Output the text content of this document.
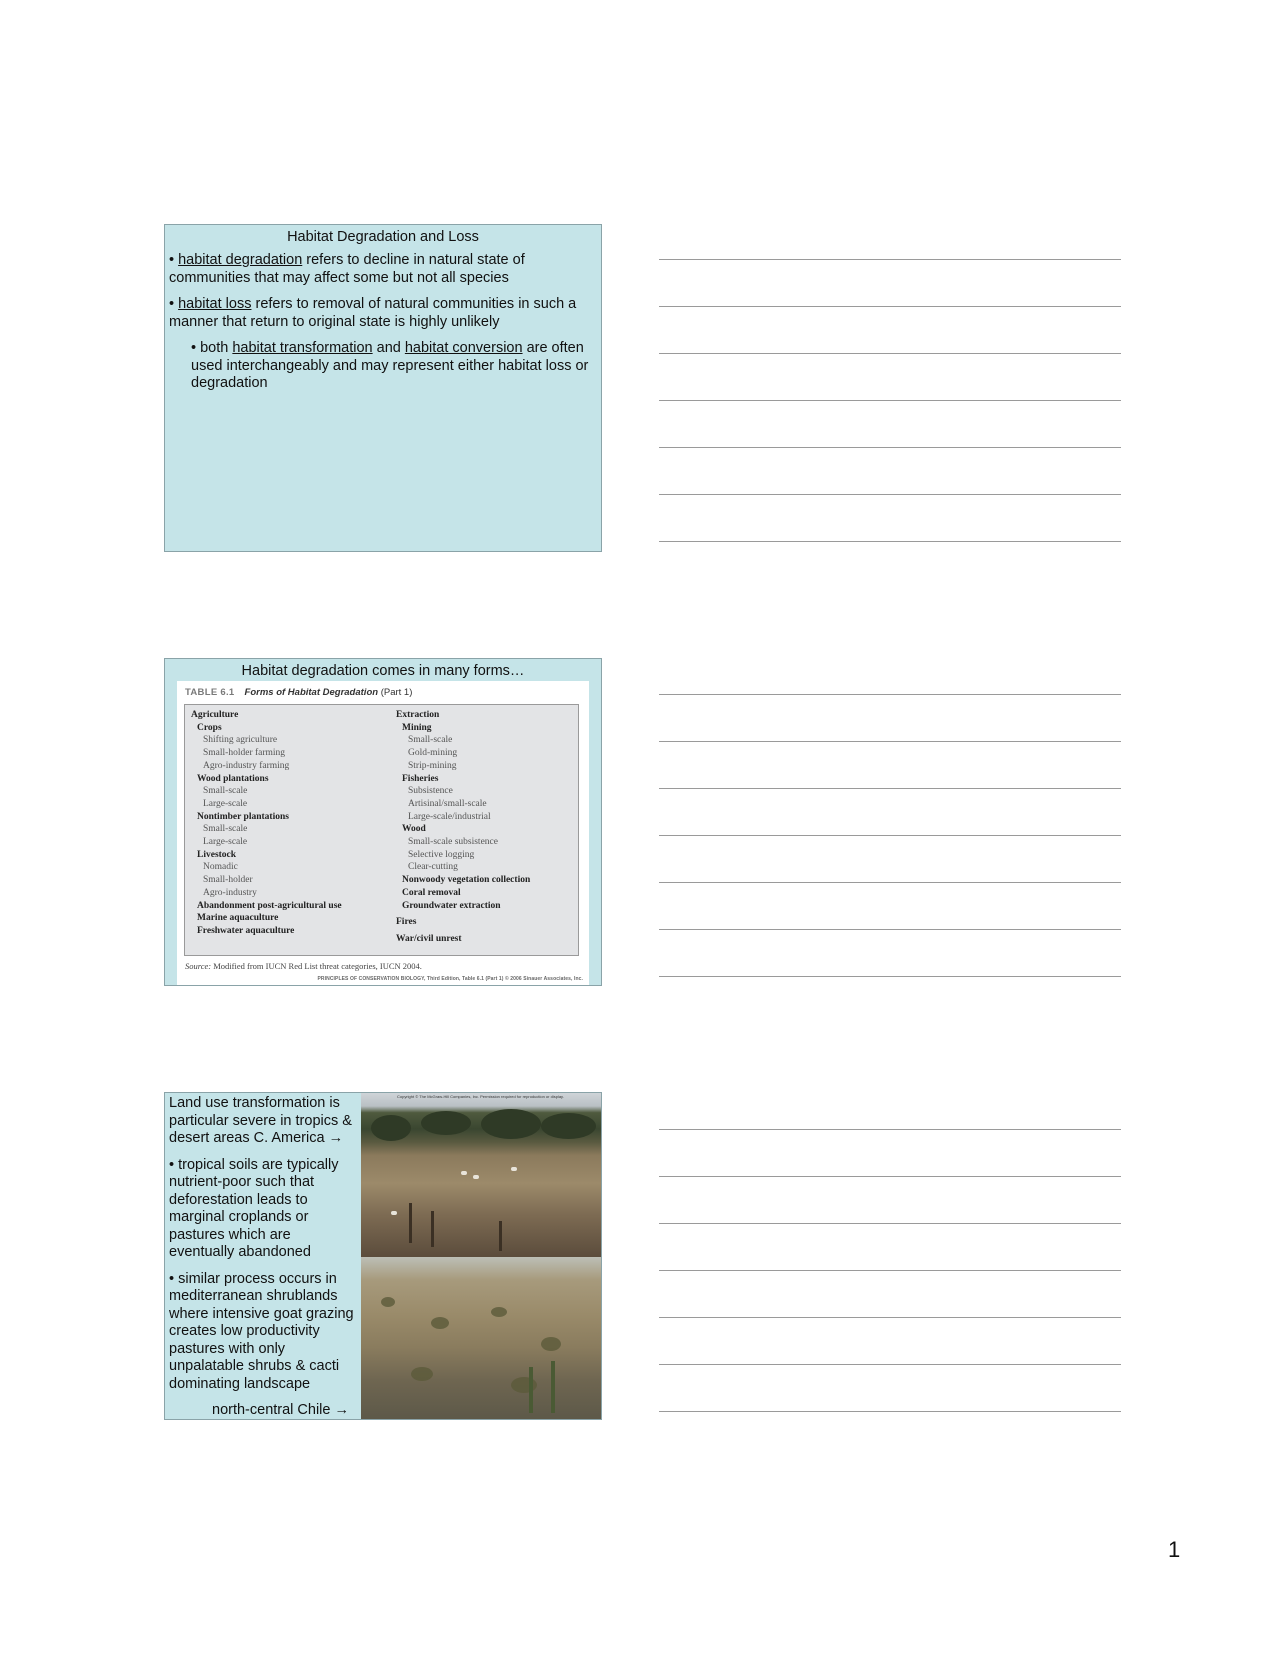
Habitat Degradation and Loss

• habitat degradation refers to decline in natural state of communities that may affect some but not all species

• habitat loss refers to removal of natural communities in such a manner that return to original state is highly unlikely

• both habitat transformation and habitat conversion are often used interchangeably and may represent either habitat loss or degradation

Habitat degradation comes in many forms…
TABLE 6.1 Forms of Habitat Degradation (Part 1)
Agriculture
Crops
Shifting agriculture
Small-holder farming
Agro-industry farming
Wood plantations
Small-scale
Large-scale
Nontimber plantations
Small-scale
Large-scale
Livestock
Nomadic
Small-holder
Agro-industry
Abandonment post-agricultural use
Marine aquaculture
Freshwater aquaculture
Extraction
Mining
Small-scale
Gold-mining
Strip-mining
Fisheries
Subsistence
Artisinal/small-scale
Large-scale/industrial
Wood
Small-scale subsistence
Selective logging
Clear-cutting
Nonwoody vegetation collection
Coral removal
Groundwater extraction
Fires
War/civil unrest
Source: Modified from IUCN Red List threat categories, IUCN 2004.
PRINCIPLES OF CONSERVATION BIOLOGY, Third Edition, Table 6.1 (Part 1) © 2006 Sinauer Associates, Inc.

Land use transformation is particular severe in tropics & desert areas C. America →

• tropical soils are typically nutrient-poor such that deforestation leads to marginal croplands or pastures which are eventually abandoned

• similar process occurs in mediterranean shrublands where intensive goat grazing creates low productivity pastures with only unpalatable shrubs & cacti dominating landscape

north-central Chile →

Copyright © The McGraw-Hill Companies, Inc. Permission required for reproduction or display.
1
